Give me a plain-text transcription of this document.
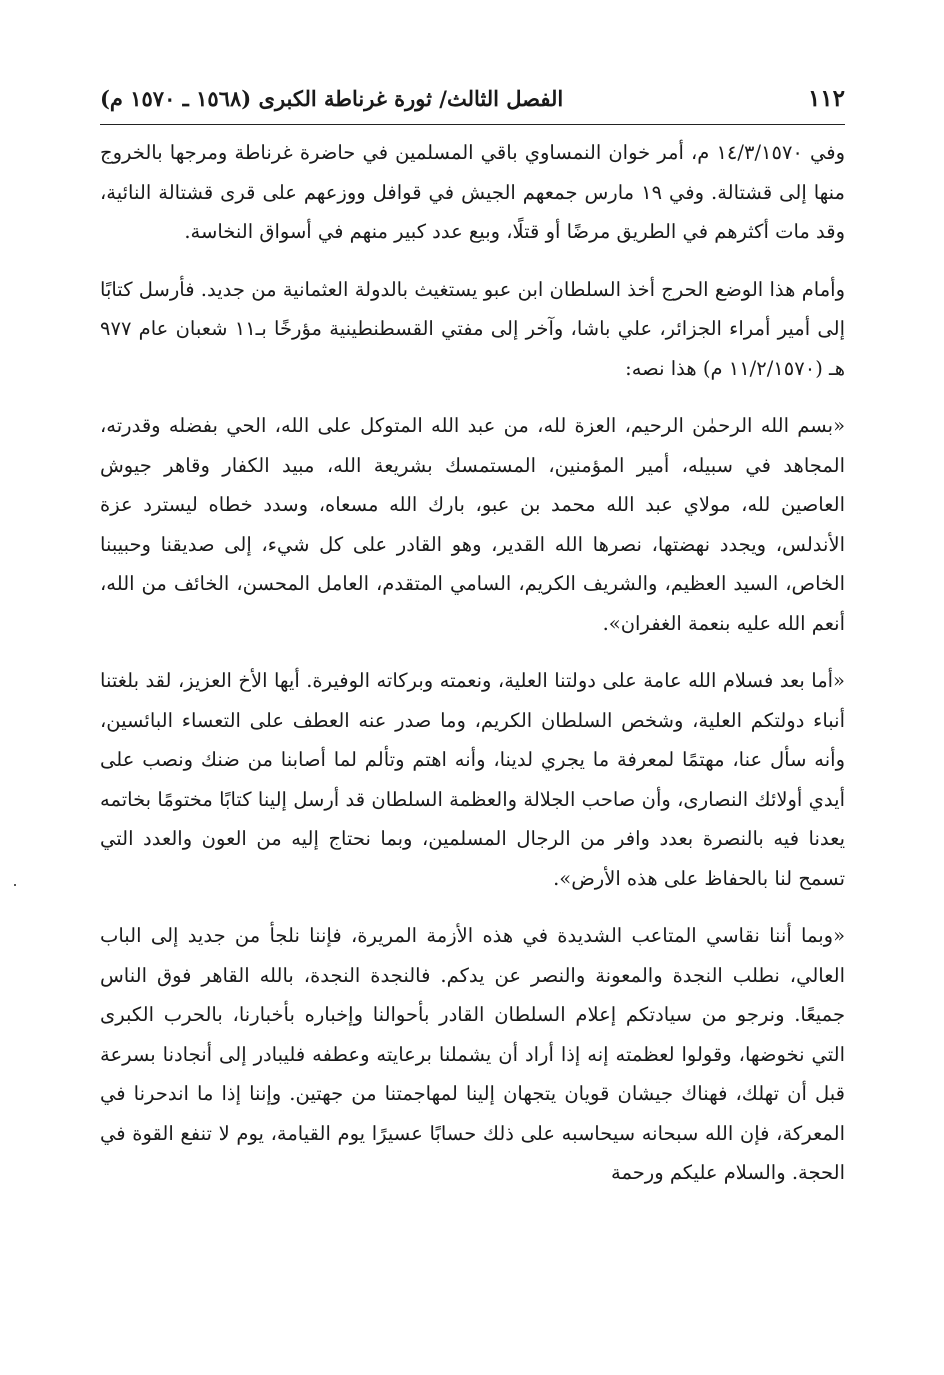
١١٢
الفصل الثالث/ ثورة غرناطة الكبرى (١٥٦٨ ـ ١٥٧٠ م)

وفي ١٤/٣/١٥٧٠ م، أمر خوان النمساوي باقي المسلمين في حاضرة غرناطة ومرجها بالخروج منها إلى قشتالة. وفي ١٩ مارس جمعهم الجيش في قوافل ووزعهم على قرى قشتالة النائية، وقد مات أكثرهم في الطريق مرضًا أو قتلًا، وبيع عدد كبير منهم في أسواق النخاسة.

وأمام هذا الوضع الحرج أخذ السلطان ابن عبو يستغيث بالدولة العثمانية من جديد. فأرسل كتابًا إلى أمير أمراء الجزائر، علي باشا، وآخر إلى مفتي القسطنطينية مؤرخًا بـ١١ شعبان عام ٩٧٧ هـ (١١/٢/١٥٧٠ م) هذا نصه:

«بسم الله الرحمٰن الرحيم، العزة لله، من عبد الله المتوكل على الله، الحي بفضله وقدرته، المجاهد في سبيله، أمير المؤمنين، المستمسك بشريعة الله، مبيد الكفار وقاهر جيوش العاصين لله، مولاي عبد الله محمد بن عبو، بارك الله مسعاه، وسدد خطاه ليسترد عزة الأندلس، ويجدد نهضتها، نصرها الله القدير، وهو القادر على كل شيء، إلى صديقنا وحبيبنا الخاص، السيد العظيم، والشريف الكريم، السامي المتقدم، العامل المحسن، الخائف من الله، أنعم الله عليه بنعمة الغفران».

«أما بعد فسلام الله عامة على دولتنا العلية، ونعمته وبركاته الوفيرة. أيها الأخ العزيز، لقد بلغتنا أنباء دولتكم العلية، وشخص السلطان الكريم، وما صدر عنه العطف على التعساء البائسين، وأنه سأل عنا، مهتمًا لمعرفة ما يجري لدينا، وأنه اهتم وتألم لما أصابنا من ضنك ونصب على أيدي أولائك النصارى، وأن صاحب الجلالة والعظمة السلطان قد أرسل إلينا كتابًا مختومًا بخاتمه يعدنا فيه بالنصرة بعدد وافر من الرجال المسلمين، وبما نحتاج إليه من العون والعدد التي تسمح لنا بالحفاظ على هذه الأرض».

«وبما أننا نقاسي المتاعب الشديدة في هذه الأزمة المريرة، فإننا نلجأ من جديد إلى الباب العالي، نطلب النجدة والمعونة والنصر عن يدكم. فالنجدة النجدة، بالله القاهر فوق الناس جميعًا. ونرجو من سيادتكم إعلام السلطان القادر بأحوالنا وإخباره بأخبارنا، بالحرب الكبرى التي نخوضها، وقولوا لعظمته إنه إذا أراد أن يشملنا برعايته وعطفه فليبادر إلى أنجادنا بسرعة قبل أن تهلك، فهناك جيشان قويان يتجهان إلينا لمهاجمتنا من جهتين. وإننا إذا ما اندحرنا في المعركة، فإن الله سبحانه سيحاسبه على ذلك حسابًا عسيرًا يوم القيامة، يوم لا تنفع القوة في الحجة. والسلام عليكم ورحمة
